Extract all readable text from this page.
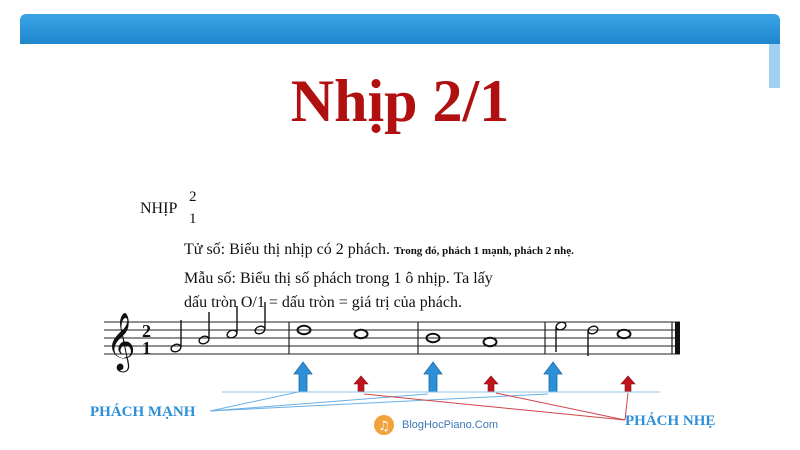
Nhịp 2/1
NHỊP
2
1
Tử số: Biểu thị nhịp có 2 phách. Trong đó, phách 1 mạnh, phách 2 nhẹ.
Mẫu số: Biểu thị số phách trong 1 ô nhịp. Ta lấy
dấu tròn O/1 = dấu tròn = giá trị của phách.
𝄞 2
1
PHÁCH MẠNH
PHÁCH NHẸ
♫ BlogHocPiano.Com
